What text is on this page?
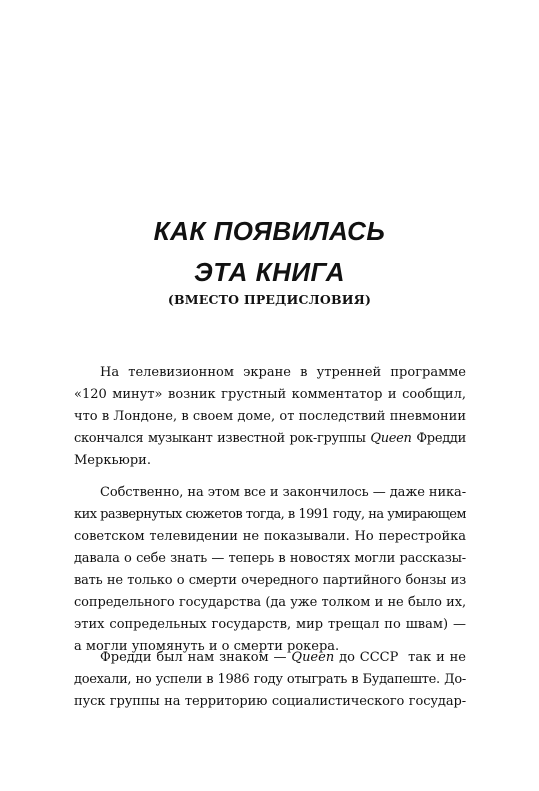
КАК ПОЯВИЛАСЬ
ЭТА КНИГА
(ВМЕСТО ПРЕДИСЛОВИЯ)
На телевизионном экране в утренней программе
«120 минут» возник грустный комментатор и сообщил,
что в Лондоне, в своем доме, от последствий пневмонии
скончался музыкант известной рок-группы Queen Фредди
Меркьюри.
Собственно, на этом все и закончилось — даже ника-
ких развернутых сюжетов тогда, в 1991 году, на умирающем
советском телевидении не показывали. Но перестройка
давала о себе знать — теперь в новостях могли рассказы-
вать не только о смерти очередного партийного бонзы из
сопредельного государства (да уже толком и не было их,
этих сопредельных государств, мир трещал по швам) —
а могли упомянуть и о смерти рокера.
Фредди был нам знаком — Queen до СССР  так и не
доехали, но успели в 1986 году отыграть в Будапеште. До-
пуск группы на территорию социалистического государ-
